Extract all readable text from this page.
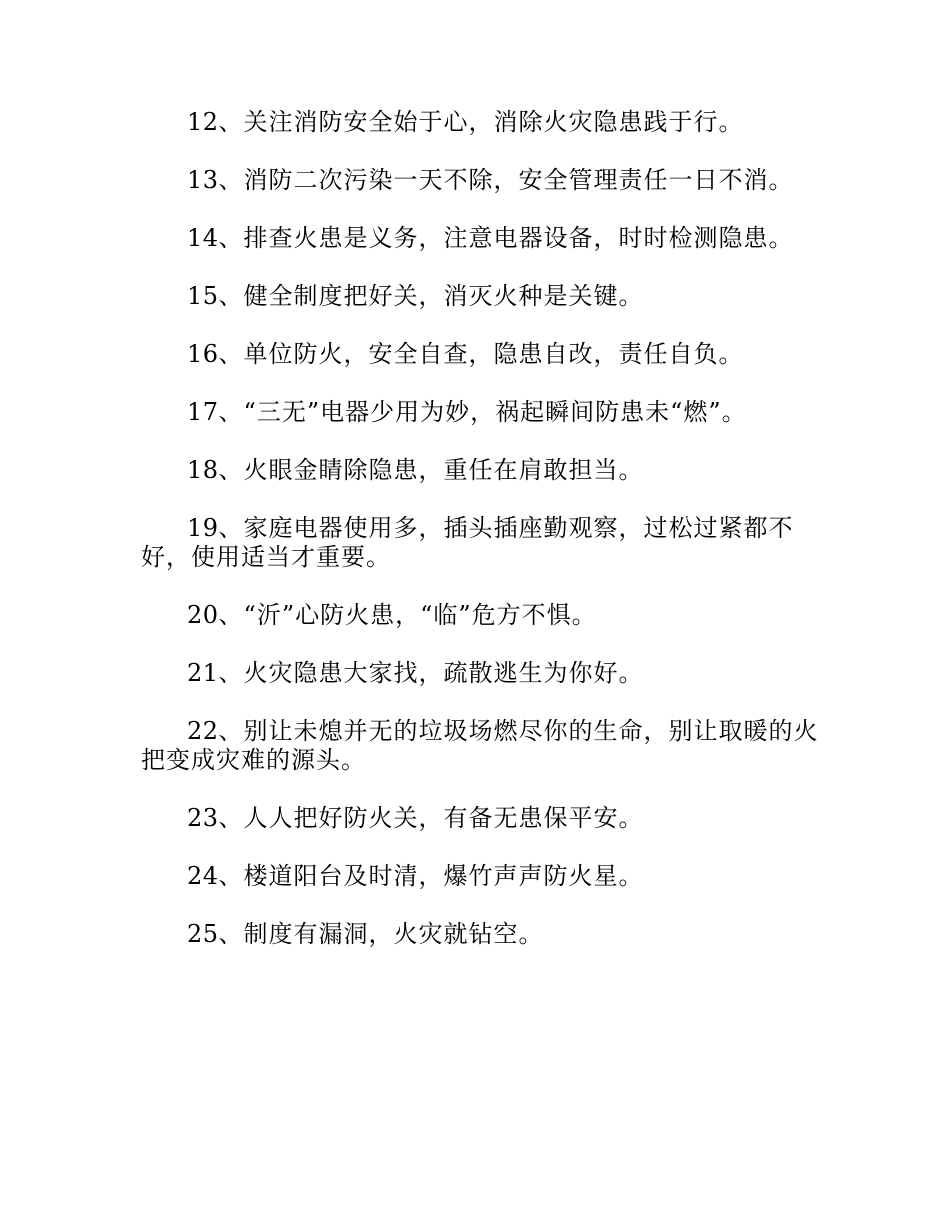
12、关注消防安全始于心，消除火灾隐患践于行。

13、消防二次污染一天不除，安全管理责任一日不消。

14、排查火患是义务，注意电器设备，时时检测隐患。

15、健全制度把好关，消灭火种是关键。

16、单位防火，安全自查，隐患自改，责任自负。

17、“三无”电器少用为妙，祸起瞬间防患未“燃”。

18、火眼金睛除隐患，重任在肩敢担当。

19、家庭电器使用多，插头插座勤观察，过松过紧都不好，使用适当才重要。

20、“沂”心防火患，“临”危方不惧。

21、火灾隐患大家找，疏散逃生为你好。

22、别让未熄并无的垃圾场燃尽你的生命，别让取暖的火把变成灾难的源头。

23、人人把好防火关，有备无患保平安。

24、楼道阳台及时清，爆竹声声防火星。

25、制度有漏洞，火灾就钻空。
